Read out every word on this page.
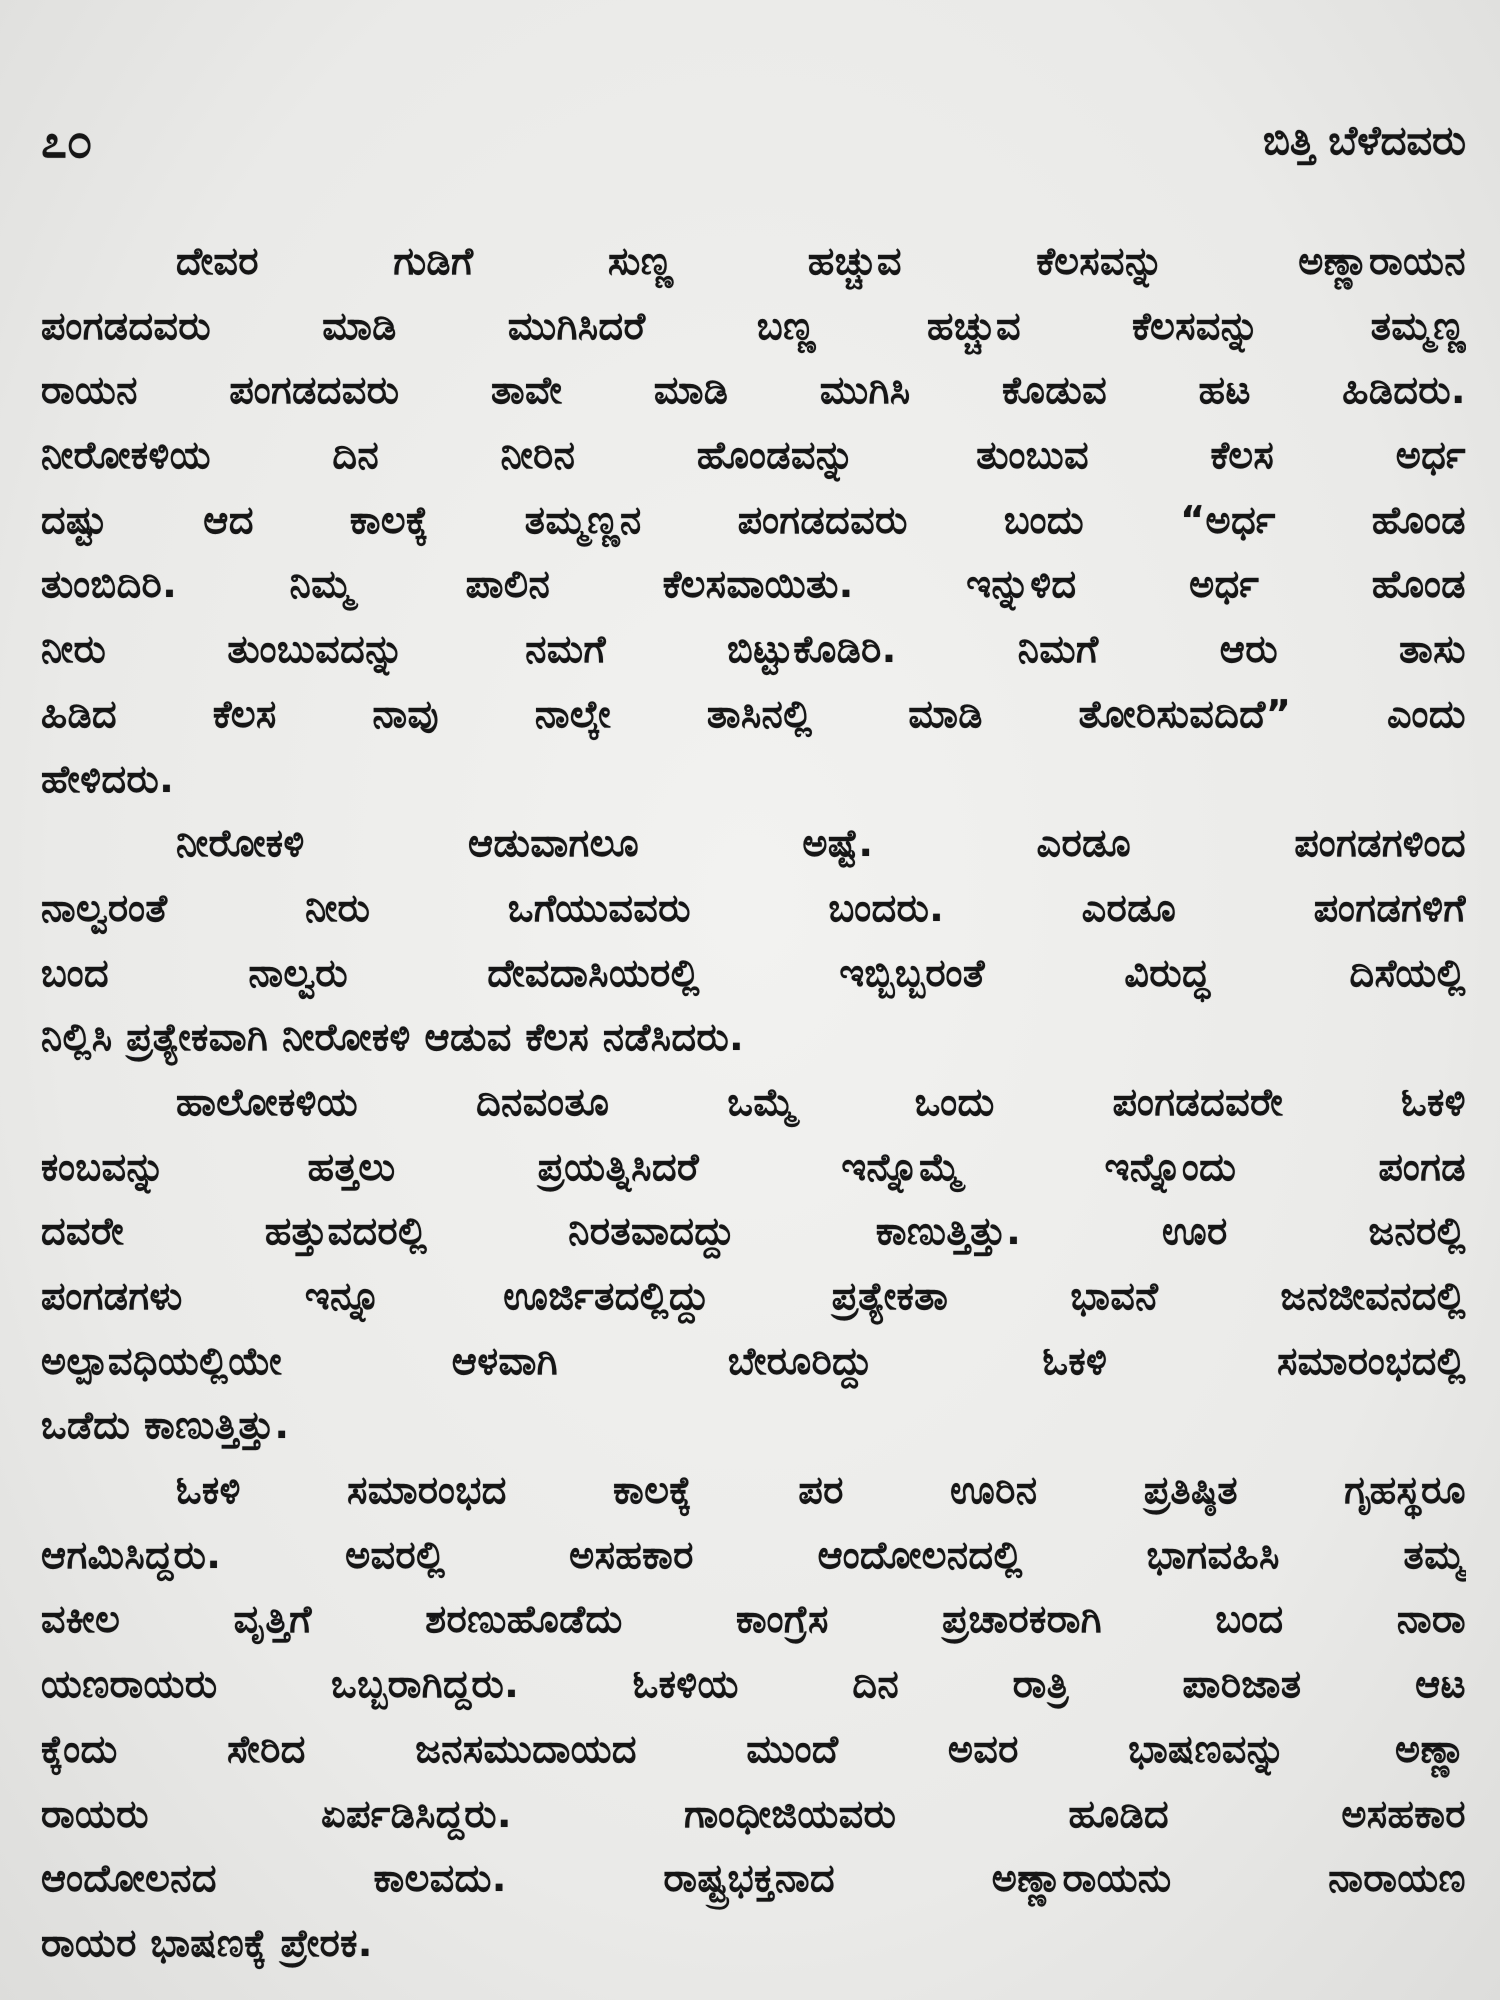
೭೦	ಬಿತ್ತಿ ಬೆಳೆದವರು
ದೇವರ ಗುಡಿಗೆ ಸುಣ್ಣ ಹಚ್ಚುವ ಕೆಲಸವನ್ನು ಅಣ್ಣಾರಾಯನ
ಪಂಗಡದವರು ಮಾಡಿ ಮುಗಿಸಿದರೆ ಬಣ್ಣ ಹಚ್ಚುವ ಕೆಲಸವನ್ನು ತಮ್ಮಣ್ಣ
ರಾಯನ ಪಂಗಡದವರು ತಾವೇ ಮಾಡಿ ಮುಗಿಸಿ ಕೊಡುವ ಹಟ ಹಿಡಿದರು.
ನೀರೋಕಳಿಯ ದಿನ ನೀರಿನ ಹೊಂಡವನ್ನು ತುಂಬುವ ಕೆಲಸ ಅರ್ಧ
ದಷ್ಟು ಆದ ಕಾಲಕ್ಕೆ ತಮ್ಮಣ್ಣನ ಪಂಗಡದವರು ಬಂದು “ಅರ್ಧ ಹೊಂಡ
ತುಂಬಿದಿರಿ. ನಿಮ್ಮ ಪಾಲಿನ ಕೆಲಸವಾಯಿತು. ಇನ್ನುಳಿದ ಅರ್ಧ ಹೊಂಡ
ನೀರು ತುಂಬುವದನ್ನು ನಮಗೆ ಬಿಟ್ಟುಕೊಡಿರಿ. ನಿಮಗೆ ಆರು ತಾಸು
ಹಿಡಿದ ಕೆಲಸ ನಾವು ನಾಲ್ಕೇ ತಾಸಿನಲ್ಲಿ ಮಾಡಿ ತೋರಿಸುವದಿದೆ” ಎಂದು
ಹೇಳಿದರು.
ನೀರೋಕಳಿ ಆಡುವಾಗಲೂ ಅಷ್ಟೆ. ಎರಡೂ ಪಂಗಡಗಳಿಂದ
ನಾಲ್ವರಂತೆ ನೀರು ಒಗೆಯುವವರು ಬಂದರು. ಎರಡೂ ಪಂಗಡಗಳಿಗೆ
ಬಂದ ನಾಲ್ವರು ದೇವದಾಸಿಯರಲ್ಲಿ ಇಬ್ಬಿಬ್ಬರಂತೆ ವಿರುದ್ಧ ದಿಸೆಯಲ್ಲಿ
ನಿಲ್ಲಿಸಿ ಪ್ರತ್ಯೇಕವಾಗಿ ನೀರೋಕಳಿ ಆಡುವ ಕೆಲಸ ನಡೆಸಿದರು.
ಹಾಲೋಕಳಿಯ ದಿನವಂತೂ ಒಮ್ಮೆ ಒಂದು ಪಂಗಡದವರೇ ಓಕಳಿ
ಕಂಬವನ್ನು ಹತ್ತಲು ಪ್ರಯತ್ನಿಸಿದರೆ ಇನ್ನೊಮ್ಮೆ ಇನ್ನೊಂದು ಪಂಗಡ
ದವರೇ ಹತ್ತುವದರಲ್ಲಿ ನಿರತವಾದದ್ದು ಕಾಣುತ್ತಿತ್ತು. ಊರ ಜನರಲ್ಲಿ
ಪಂಗಡಗಳು ಇನ್ನೂ ಊರ್ಜಿತದಲ್ಲಿದ್ದು ಪ್ರತ್ಯೇಕತಾ ಭಾವನೆ ಜನಜೀವನದಲ್ಲಿ
ಅಲ್ಪಾವಧಿಯಲ್ಲಿಯೇ ಆಳವಾಗಿ ಬೇರೂರಿದ್ದು ಓಕಳಿ ಸಮಾರಂಭದಲ್ಲಿ
ಒಡೆದು ಕಾಣುತ್ತಿತ್ತು.
ಓಕಳಿ ಸಮಾರಂಭದ ಕಾಲಕ್ಕೆ ಪರ ಊರಿನ ಪ್ರತಿಷ್ಠಿತ ಗೃಹಸ್ಥರೂ
ಆಗಮಿಸಿದ್ದರು. ಅವರಲ್ಲಿ ಅಸಹಕಾರ ಆಂದೋಲನದಲ್ಲಿ ಭಾಗವಹಿಸಿ ತಮ್ಮ
ವಕೀಲ ವೃತ್ತಿಗೆ ಶರಣುಹೊಡೆದು ಕಾಂಗ್ರೆಸ ಪ್ರಚಾರಕರಾಗಿ ಬಂದ ನಾರಾ
ಯಣರಾಯರು ಒಬ್ಬರಾಗಿದ್ದರು. ಓಕಳಿಯ ದಿನ ರಾತ್ರಿ ಪಾರಿಜಾತ ಆಟ
ಕ್ಕೆಂದು ಸೇರಿದ ಜನಸಮುದಾಯದ ಮುಂದೆ ಅವರ ಭಾಷಣವನ್ನು ಅಣ್ಣಾ
ರಾಯರು ಏರ್ಪಡಿಸಿದ್ದರು. ಗಾಂಧೀಜಿಯವರು ಹೂಡಿದ ಅಸಹಕಾರ
ಆಂದೋಲನದ ಕಾಲವದು. ರಾಷ್ಟ್ರಭಕ್ತನಾದ ಅಣ್ಣಾರಾಯನು ನಾರಾಯಣ
ರಾಯರ ಭಾಷಣಕ್ಕೆ ಪ್ರೇರಕ.
